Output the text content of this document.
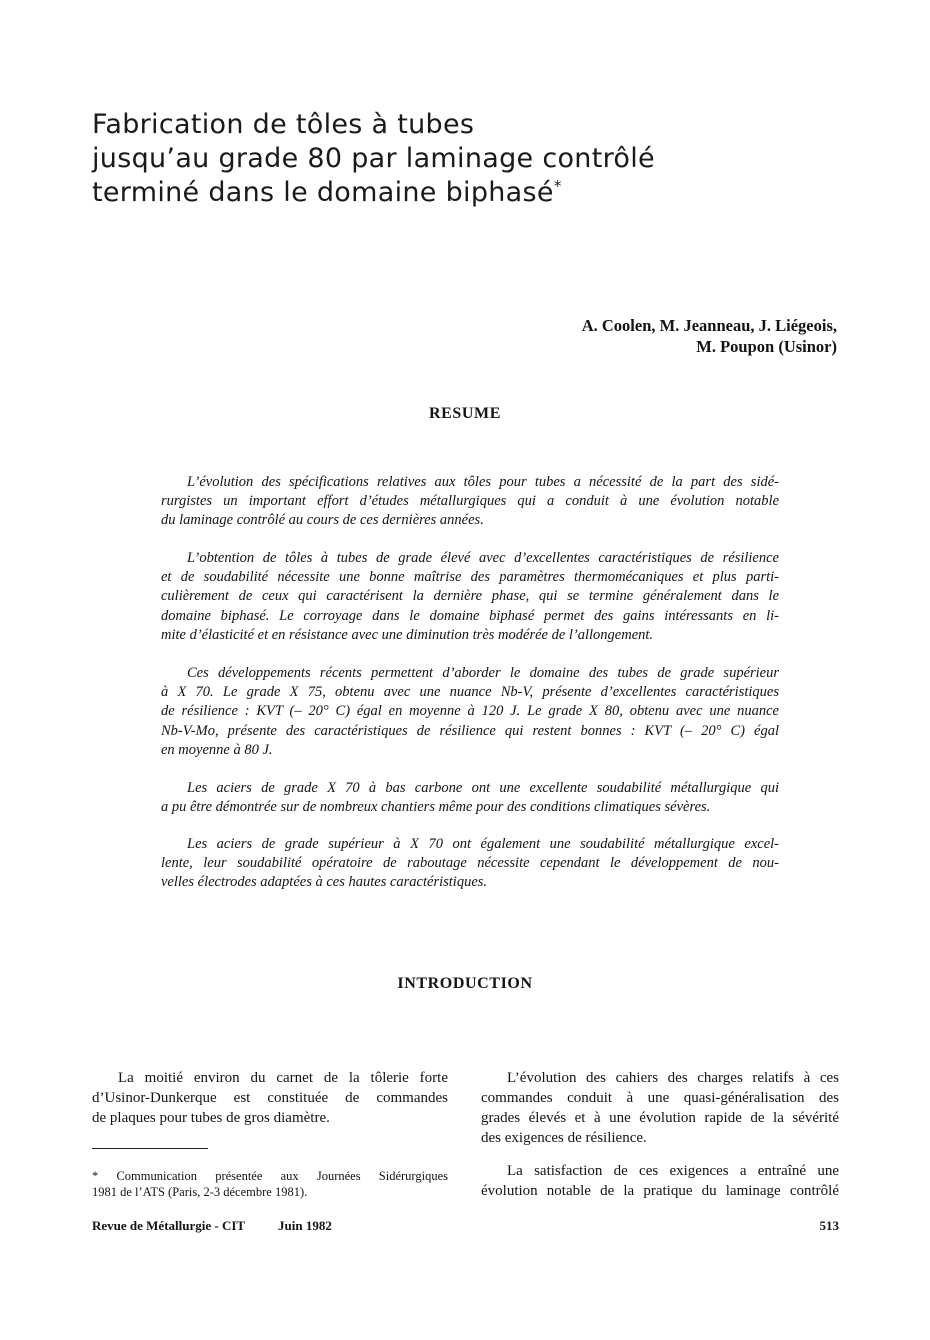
Fabrication de tôles à tubes
jusqu’au grade 80 par laminage contrôlé
terminé dans le domaine biphasé*
A. Coolen, M. Jeanneau, J. Liégeois,
M. Poupon (Usinor)
RESUME
L’évolution des spécifications relatives aux tôles pour tubes a nécessité de la part des sidé-
rurgistes un important effort d’études métallurgiques qui a conduit à une évolution notable
du laminage contrôlé au cours de ces dernières années.
L’obtention de tôles à tubes de grade élevé avec d’excellentes caractéristiques de résilience
et de soudabilité nécessite une bonne maîtrise des paramètres thermomécaniques et plus parti-
culièrement de ceux qui caractérisent la dernière phase, qui se termine généralement dans le
domaine biphasé. Le corroyage dans le domaine biphasé permet des gains intéressants en li-
mite d’élasticité et en résistance avec une diminution très modérée de l’allongement.
Ces développements récents permettent d’aborder le domaine des tubes de grade supérieur
à X 70. Le grade X 75, obtenu avec une nuance Nb-V, présente d’excellentes caractéristiques
de résilience : KVT (– 20° C) égal en moyenne à 120 J. Le grade X 80, obtenu avec une nuance
Nb-V-Mo, présente des caractéristiques de résilience qui restent bonnes : KVT (– 20° C) égal
en moyenne à 80 J.
Les aciers de grade X 70 à bas carbone ont une excellente soudabilité métallurgique qui
a pu être démontrée sur de nombreux chantiers même pour des conditions climatiques sévères.
Les aciers de grade supérieur à X 70 ont également une soudabilité métallurgique excel-
lente, leur soudabilité opératoire de raboutage nécessite cependant le développement de nou-
velles électrodes adaptées à ces hautes caractéristiques.
INTRODUCTION
La moitié environ du carnet de la tôlerie forte
d’Usinor-Dunkerque est constituée de commandes
de plaques pour tubes de gros diamètre.
* Communication présentée aux Journées Sidérurgiques
1981 de l’ATS (Paris, 2-3 décembre 1981).
L’évolution des cahiers des charges relatifs à ces
commandes conduit à une quasi-généralisation des
grades élevés et à une évolution rapide de la sévérité
des exigences de résilience.
La satisfaction de ces exigences a entraîné une
évolution notable de la pratique du laminage contrôlé
Revue de Métallurgie - CIT	Juin 1982	513
